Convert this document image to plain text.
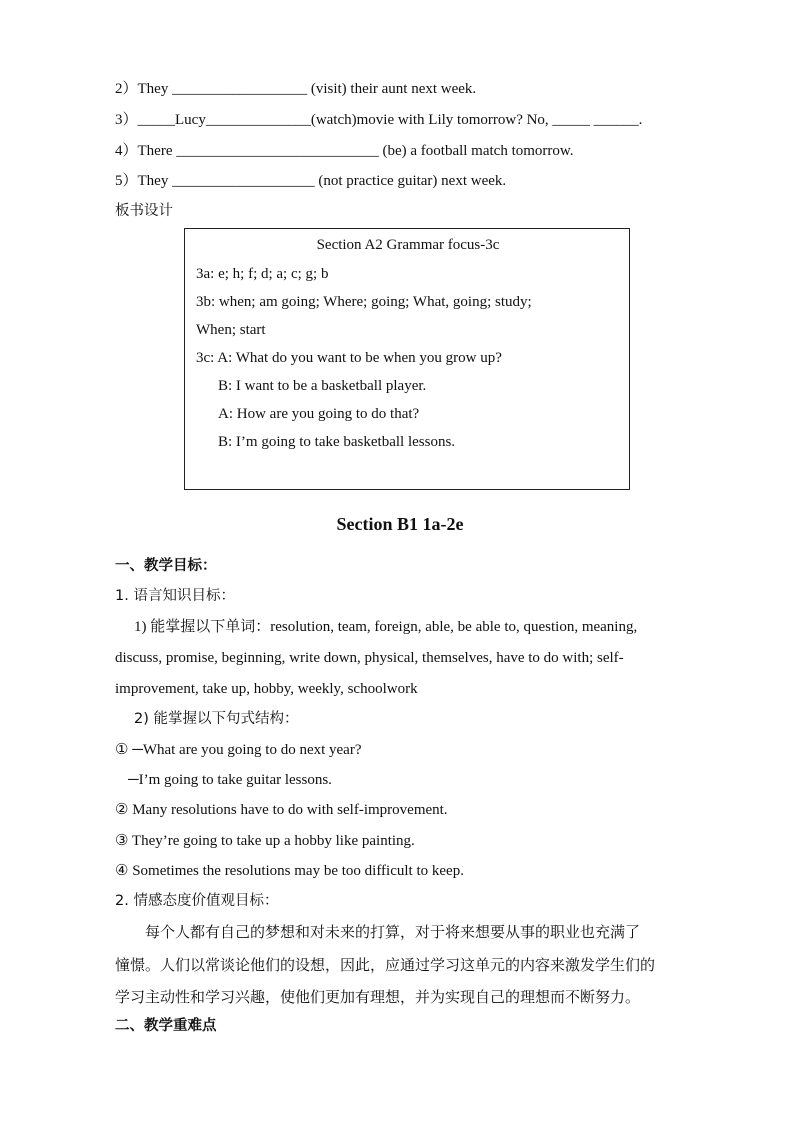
2）They __________________ (visit) their aunt next week.
3）_____Lucy______________(watch)movie with Lily tomorrow? No, _____ ______.
4）There ___________________________ (be) a football match tomorrow.
5）They ___________________ (not practice guitar) next week.
板书设计
Section A2 Grammar focus-3c
3a: e; h; f; d; a; c; g; b
3b: when; am going; Where; going; What, going; study;
When; start
3c: A: What do you want to be when you grow up?
B: I want to be a basketball player.
A: How are you going to do that?
B: I’m going to take basketball lessons.
Section B1 1a-2e
一、教学目标：
1. 语言知识目标：
1) 能掌握以下单词：resolution, team, foreign, able, be able to, question, meaning,
discuss, promise, beginning, write down, physical, themselves, have to do with; self-
improvement, take up, hobby, weekly, schoolwork
2) 能掌握以下句式结构：
① ─What are you going to do next year?
─I’m going to take guitar lessons.
② Many resolutions have to do with self-improvement.
③ They’re going to take up a hobby like painting.
④ Sometimes the resolutions may be too difficult to keep.
2. 情感态度价值观目标：
每个人都有自己的梦想和对未来的打算，对于将来想要从事的职业也充满了
憧憬。人们以常谈论他们的设想，因此，应通过学习这单元的内容来激发学生们的
学习主动性和学习兴趣，使他们更加有理想，并为实现自己的理想而不断努力。
二、教学重难点
